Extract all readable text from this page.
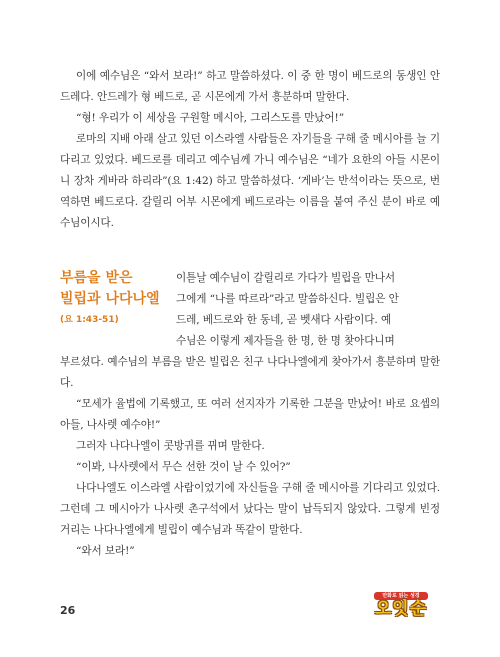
이에 예수님은 “와서 보라!” 하고 말씀하셨다. 이 중 한 명이 베드로의 동생인 안드레다. 안드레가 형 베드로, 곧 시몬에게 가서 흥분하며 말한다.

“형! 우리가 이 세상을 구원할 메시아, 그리스도를 만났어!”

로마의 지배 아래 살고 있던 이스라엘 사람들은 자기들을 구해 줄 메시아를 늘 기다리고 있었다. 베드로를 데리고 예수님께 가니 예수님은 “네가 요한의 아들 시몬이니 장차 게바라 하리라”(요 1:42) 하고 말씀하셨다. ‘게바’는 반석이라는 뜻으로, 번역하면 베드로다. 갈릴리 어부 시몬에게 베드로라는 이름을 붙여 주신 분이 바로 예수님이시다.

부름을 받은
빌립과 나다나엘
(요 1:43-51)
이튿날 예수님이 갈릴리로 가다가 빌립을 만나서
그에게 “나를 따르라”라고 말씀하신다. 빌립은 안
드레, 베드로와 한 동네, 곧 벳새다 사람이다. 예
수님은 이렇게 제자들을 한 명, 한 명 찾아다니며

부르셨다. 예수님의 부름을 받은 빌립은 친구 나다나엘에게 찾아가서 흥분하며 말한다.

“모세가 율법에 기록했고, 또 여러 선지자가 기록한 그분을 만났어! 바로 요셉의 아들, 나사렛 예수야!”

그러자 나다나엘이 콧방귀를 뀌며 말한다.

“이봐, 나사렛에서 무슨 선한 것이 날 수 있어?”

나다나엘도 이스라엘 사람이었기에 자신들을 구해 줄 메시아를 기다리고 있었다. 그런데 그 메시아가 나사렛 촌구석에서 났다는 말이 납득되지 않았다. 그렇게 빈정거리는 나다나엘에게 빌립이 예수님과 똑같이 말한다.

“와서 보라!”

26
만화로 읽는 성경
오잇순
